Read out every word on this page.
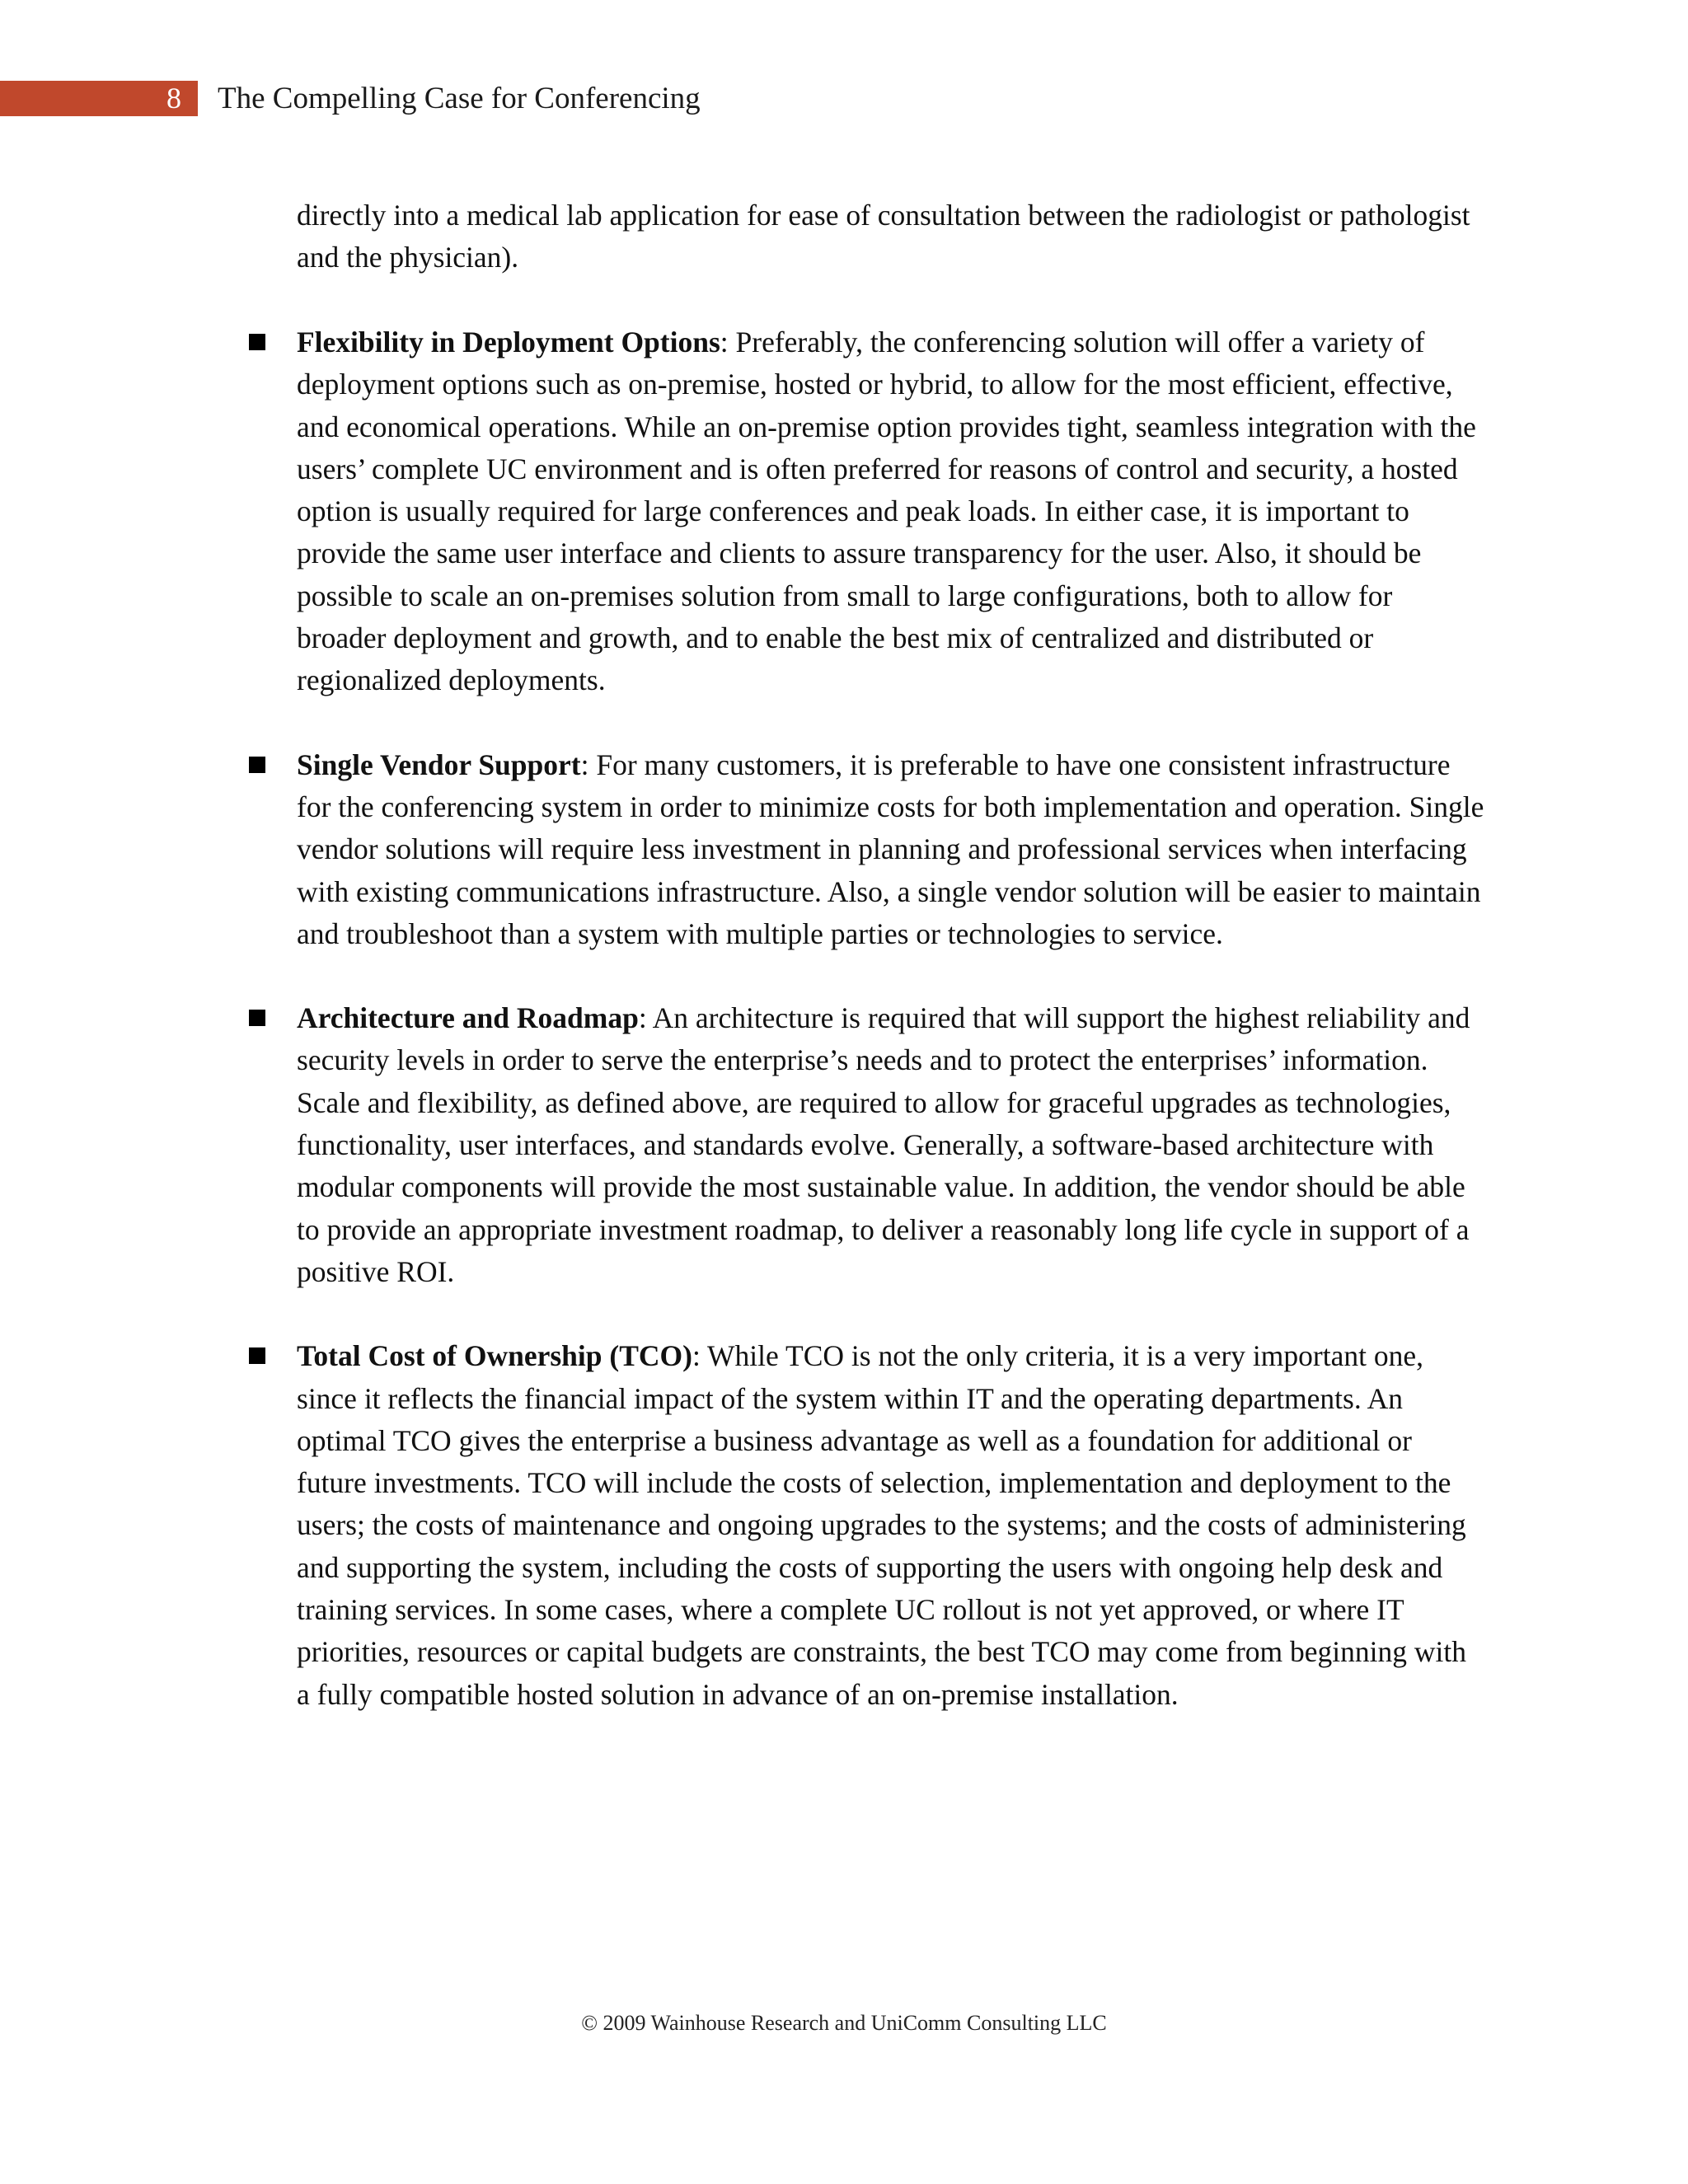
8 The Compelling Case for Conferencing
directly into a medical lab application for ease of consultation between the radiologist or pathologist and the physician).
Flexibility in Deployment Options: Preferably, the conferencing solution will offer a variety of deployment options such as on-premise, hosted or hybrid, to allow for the most efficient, effective, and economical operations. While an on-premise option provides tight, seamless integration with the users’ complete UC environment and is often preferred for reasons of control and security, a hosted option is usually required for large conferences and peak loads. In either case, it is important to provide the same user interface and clients to assure transparency for the user. Also, it should be possible to scale an on-premises solution from small to large configurations, both to allow for broader deployment and growth, and to enable the best mix of centralized and distributed or regionalized deployments.
Single Vendor Support: For many customers, it is preferable to have one consistent infrastructure for the conferencing system in order to minimize costs for both implementation and operation. Single vendor solutions will require less investment in planning and professional services when interfacing with existing communications infrastructure. Also, a single vendor solution will be easier to maintain and troubleshoot than a system with multiple parties or technologies to service.
Architecture and Roadmap: An architecture is required that will support the highest reliability and security levels in order to serve the enterprise’s needs and to protect the enterprises’ information. Scale and flexibility, as defined above, are required to allow for graceful upgrades as technologies, functionality, user interfaces, and standards evolve. Generally, a software-based architecture with modular components will provide the most sustainable value. In addition, the vendor should be able to provide an appropriate investment roadmap, to deliver a reasonably long life cycle in support of a positive ROI.
Total Cost of Ownership (TCO): While TCO is not the only criteria, it is a very important one, since it reflects the financial impact of the system within IT and the operating departments. An optimal TCO gives the enterprise a business advantage as well as a foundation for additional or future investments. TCO will include the costs of selection, implementation and deployment to the users; the costs of maintenance and ongoing upgrades to the systems; and the costs of administering and supporting the system, including the costs of supporting the users with ongoing help desk and training services. In some cases, where a complete UC rollout is not yet approved, or where IT priorities, resources or capital budgets are constraints, the best TCO may come from beginning with a fully compatible hosted solution in advance of an on-premise installation.
© 2009 Wainhouse Research and UniComm Consulting LLC
